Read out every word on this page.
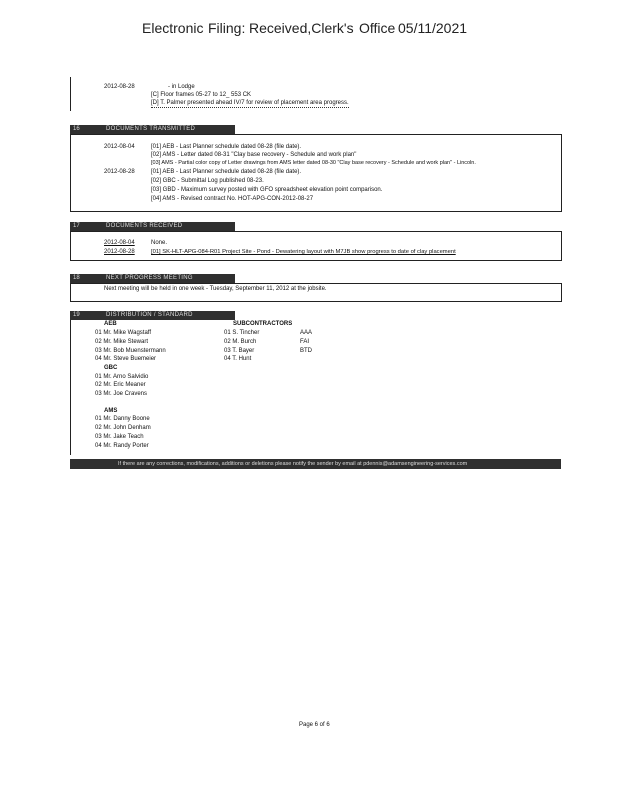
Electronic Filing: Received,Clerk's Office 05/11/2021
2012-08-28	- in Lodge
[C] Floor frames 05-27 to 12_ 553 CK
[D] T. Palmer presented ahead IV/7 for review of placement area progress.
16	DOCUMENTS TRANSMITTED
2012-08-04	[01] AEB - Last Planner schedule dated 08-28 (file date).
[02] AMS - Letter dated 08-31 "Clay base recovery - Schedule and work plan"
[03] AMS - Partial color copy of Letter drawings from AMS letter dated 08-30 "Clay base recovery - Schedule and work plan" - Lincoln.
2012-08-28	[01] AEB - Last Planner schedule dated 08-28 (file date).
[02] GBC - Submittal Log published 08-23.
[03] GBD - Maximum survey posted with GFO spreadsheet elevation point comparison.
[04] AMS - Revised contract No. HOT-APG-CON-2012-08-27
17	DOCUMENTS RECEIVED
2012-08-04	None.
2012-08-28	[01] SK-HLT-APG-084-R01 Project Site - Pond - Dewatering layout with M7JB show progress to date of clay placement
18	NEXT PROGRESS MEETING
Next meeting will be held in one week - Tuesday, September 11, 2012 at the jobsite.
19	DISTRIBUTION / STANDARD
AEB
01 Mr. Mike Wagstaff
02 Mr. Mike Stewart
03 Mr. Bob Muenstermann
04 Mr. Steve Buemeier
GBC
01 Mr. Arno Salvidio
02 Mr. Eric Meaner
03 Mr. Joe Cravens
AMS
01 Mr. Danny Boone
02 Mr. John Denham
03 Mr. Jake Teach
04 Mr. Randy Porter
SUBCONTRACTORS
01 S. Tincher	AAA
02 M. Burch	FAI
03 T. Bayer	BTD
04 T. Hunt
If there are any corrections, modifications, additions or deletions please notify the sender by email at pdennis@adamsengineering-services.com
Page 6 of 6
